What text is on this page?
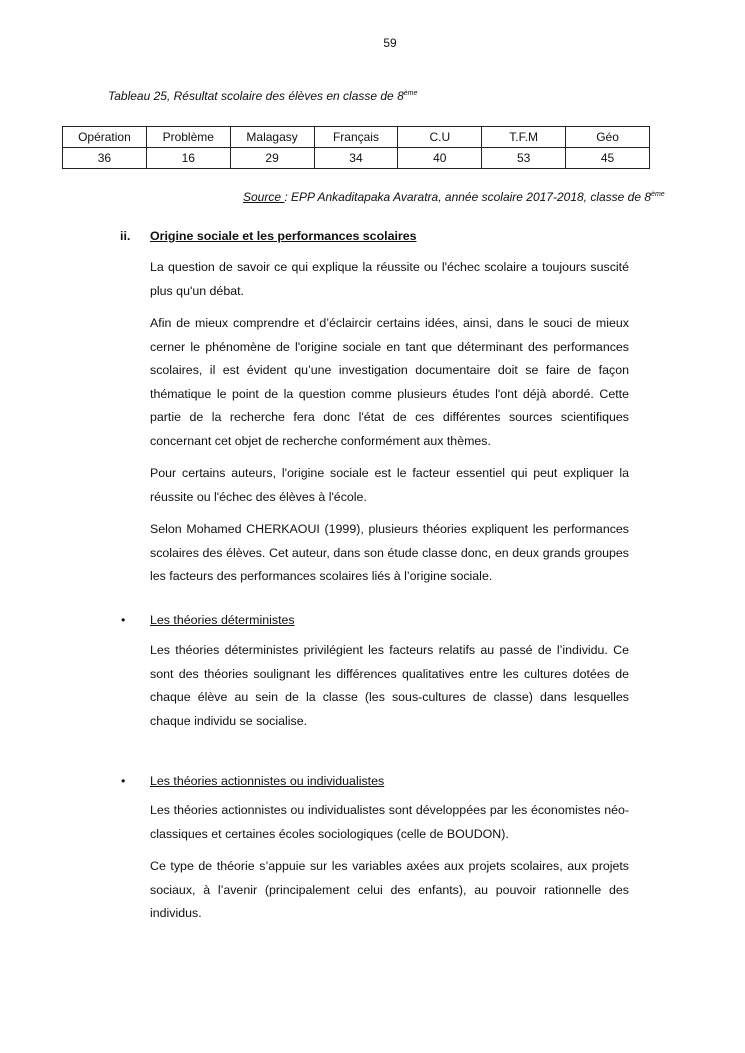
59
Tableau 25, Résultat scolaire des élèves en classe de 8ème
Opération	Problème	Malagasy	Français	C.U	T.F.M	Géo
36	16	29	34	40	53	45
Source : EPP Ankaditapaka Avaratra, année scolaire 2017-2018, classe de 8ème
ii. Origine sociale et les performances scolaires

La question de savoir ce qui explique la réussite ou l'échec scolaire a toujours suscité plus qu'un débat.

Afin de mieux comprendre et d’éclaircir certains idées, ainsi, dans le souci de mieux cerner le phénomène de l'origine sociale en tant que déterminant des performances scolaires, il est évident qu’une investigation documentaire doit se faire de façon thématique le point de la question comme plusieurs études l'ont déjà abordé. Cette partie de la recherche fera donc l'état de ces différentes sources scientifiques concernant cet objet de recherche conformément aux thèmes.

Pour certains auteurs, l'origine sociale est le facteur essentiel qui peut expliquer la réussite ou l'échec des élèves à l'école.

Selon Mohamed CHERKAOUI (1999), plusieurs théories expliquent les performances scolaires des élèves. Cet auteur, dans son étude classe donc, en deux grands groupes les facteurs des performances scolaires liés à l’origine sociale.

• Les théories déterministes

Les théories déterministes privilégient les facteurs relatifs au passé de l’individu. Ce sont des théories soulignant les différences qualitatives entre les cultures dotées de chaque élève au sein de la classe (les sous-cultures de classe) dans lesquelles chaque individu se socialise.

• Les théories actionnistes ou individualistes

Les théories actionnistes ou individualistes sont développées par les économistes néo-classiques et certaines écoles sociologiques (celle de BOUDON).

Ce type de théorie s’appuie sur les variables axées aux projets scolaires, aux projets sociaux, à l’avenir (principalement celui des enfants), au pouvoir rationnelle des individus.
